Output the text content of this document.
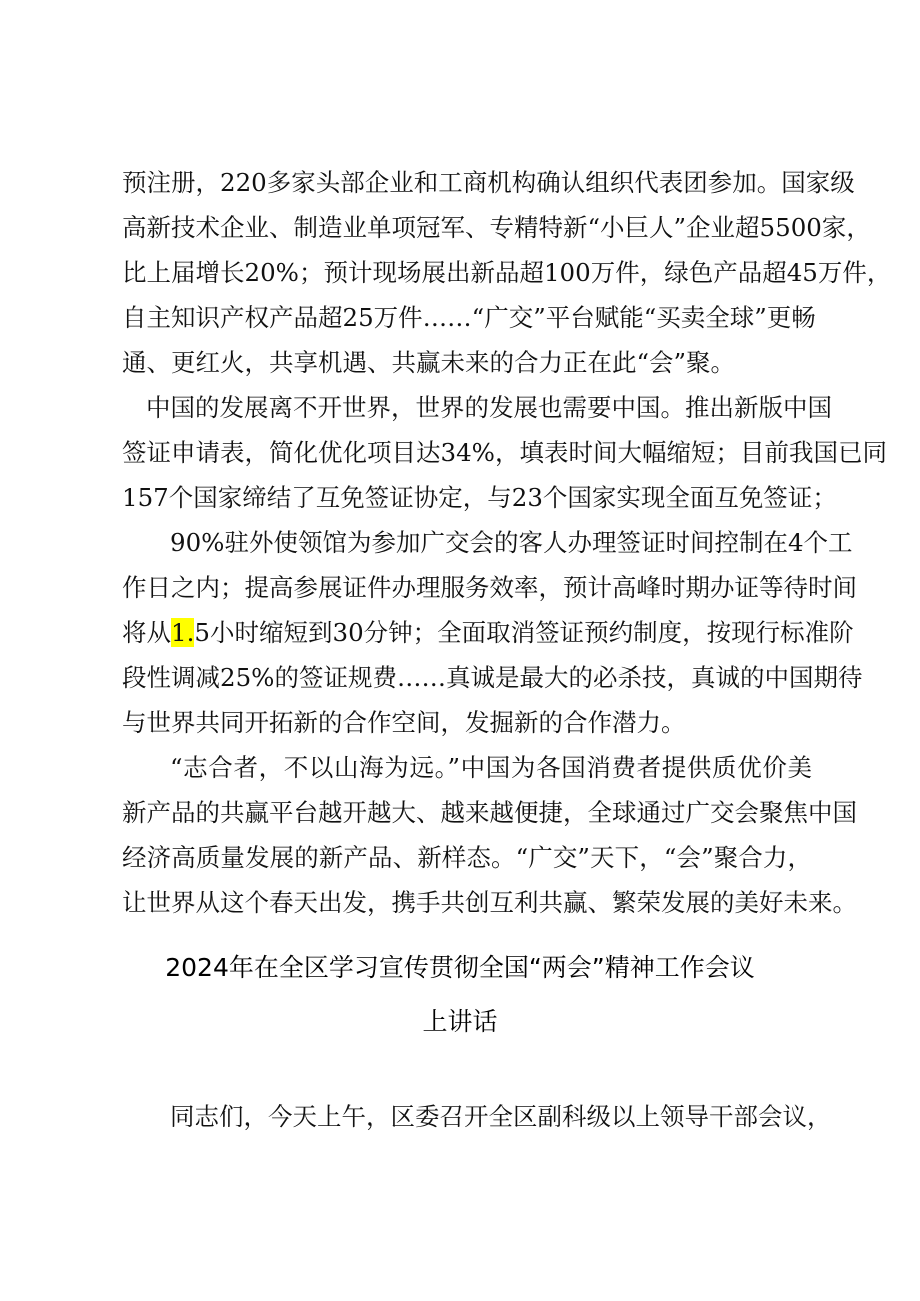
预注册，220多家头部企业和工商机构确认组织代表团参加。国家级
高新技术企业、制造业单项冠军、专精特新“小巨人”企业超5500家，
比上届增长20%；预计现场展出新品超100万件，绿色产品超45万件，
自主知识产权产品超25万件……“广交”平台赋能“买卖全球”更畅
通、更红火，共享机遇、共赢未来的合力正在此“会”聚。
中国的发展离不开世界，世界的发展也需要中国。推出新版中国
签证申请表，简化优化项目达34%，填表时间大幅缩短；目前我国已同
157个国家缔结了互免签证协定，与23个国家实现全面互免签证；
90%驻外使领馆为参加广交会的客人办理签证时间控制在4个工
作日之内；提高参展证件办理服务效率，预计高峰时期办证等待时间
将从1.5小时缩短到30分钟；全面取消签证预约制度，按现行标准阶
段性调减25%的签证规费……真诚是最大的必杀技，真诚的中国期待
与世界共同开拓新的合作空间，发掘新的合作潜力。
“志合者，不以山海为远。”中国为各国消费者提供质优价美
新产品的共赢平台越开越大、越来越便捷，全球通过广交会聚焦中国
经济高质量发展的新产品、新样态。“广交”天下，“会”聚合力，
让世界从这个春天出发，携手共创互利共赢、繁荣发展的美好未来。
2024年在全区学习宣传贯彻全国“两会”精神工作会议
上讲话
同志们，今天上午，区委召开全区副科级以上领导干部会议，
